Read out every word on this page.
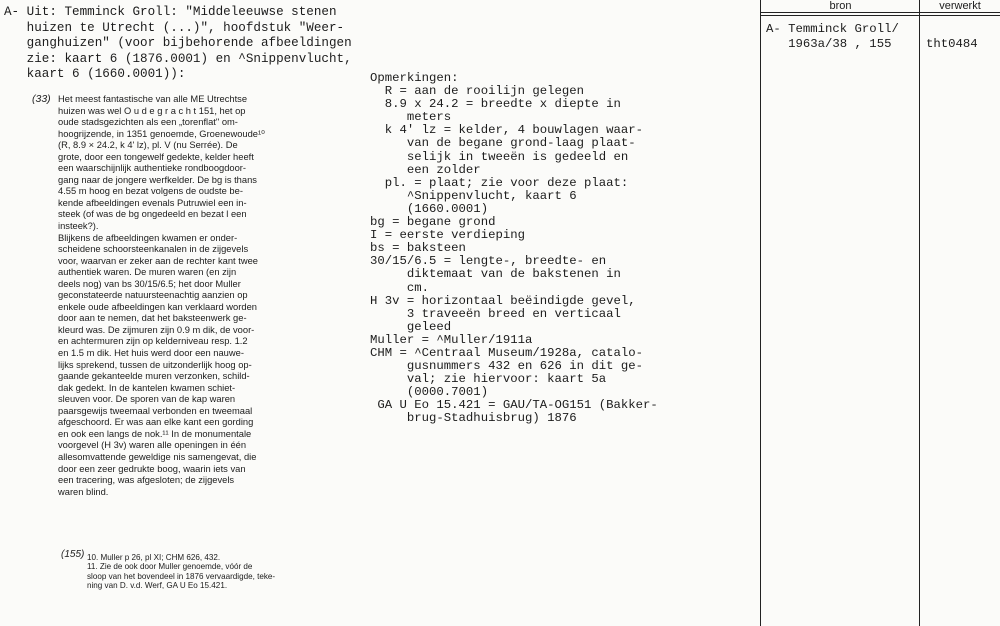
A- Uit: Temminck Groll: "Middeleeuwse stenen
huizen te Utrecht (...)", hoofdstuk "Weer-
ganghuizen" (voor bijbehorende afbeeldingen
zie: kaart 6 (1876.0001) en ^Snippenvlucht,
kaart 6 (1660.0001)):
(33) Het meest fantastische van alle ME Utrechtse
huizen was wel O u d e g r a c h t 151, het op
oude stadsgezichten als een „torenflat" om-
hoogrijzende, in 1351 genoemde, Groenewoude¹⁰
(R, 8.9 × 24.2, k 4' lz), pl. V (nu Serrée). De
grote, door een tongewelf gedekte, kelder heeft
een waarschijnlijk authentieke rondboogdoor-
gang naar de jongere werfkelder. De bg is thans
4.55 m hoog en bezat volgens de oudste be-
kende afbeeldingen evenals Putruwiel een in-
steek (of was de bg ongedeeld en bezat l een
insteek?).
Blijkens de afbeeldingen kwamen er onder-
scheidene schoorsteenkanalen in de zijgevels
voor, waarvan er zeker aan de rechter kant twee
authentiek waren. De muren waren (en zijn
deels nog) van bs 30/15/6.5; het door Muller
geconstateerde natuursteenachtig aanzien op
enkele oude afbeeldingen kan verklaard worden
door aan te nemen, dat het baksteenwerk ge-
kleurd was. De zijmuren zijn 0.9 m dik, de voor-
en achtermuren zijn op kelderniveau resp. 1.2
en 1.5 m dik. Het huis werd door een nauwe-
lijks sprekend, tussen de uitzonderlijk hoog op-
gaande gekanteelde muren verzonken, schild-
dak gedekt. In de kantelen kwamen schiet-
sleuven voor. De sporen van de kap waren
paarsgewijs tweemaal verbonden en tweemaal
afgeschoord. Er was aan elke kant een gording
en ook een langs de nok.¹¹ In de monumentale
voorgevel (H 3v) waren alle openingen in één
allesomvattende geweldige nis samengevat, die
door een zeer gedrukte boog, waarin iets van
een tracering, was afgesloten; de zijgevels
waren blind.
(155) 10. Muller p 26, pl XI; CHM 626, 432.
11. Zie de ook door Muller genoemde, vóór de
sloop van het bovendeel in 1876 vervaardigde, teke-
ning van D. v.d. Werf, GA U Eo 15.421.
Opmerkingen:
R = aan de rooilijn gelegen
8.9 x 24.2 = breedte x diepte in
meters
k 4' lz = kelder, 4 bouwlagen waar-
van de begane grond-laag plaat-
selijk in tweeën is gedeeld en
een zolder
pl. = plaat; zie voor deze plaat:
^Snippenvlucht, kaart 6
(1660.0001)
bg = begane grond
I = eerste verdieping
bs = baksteen
30/15/6.5 = lengte-, breedte- en
diktemaat van de bakstenen in
cm.
H 3v = horizontaal beëindigde gevel,
3 traveeën breed en verticaal
geleed
Muller = ^Muller/1911a
CHM = ^Centraal Museum/1928a, catalo-
gusnummers 432 en 626 in dit ge-
val; zie hiervoor: kaart 5a
(0000.7001)
GA U Eo 15.421 = GAU/TA-OG151 (Bakker-
brug-Stadhuisbrug) 1876
bron	verwerkt
A- Temminck Groll/
1963a/38 , 155	tht0484
